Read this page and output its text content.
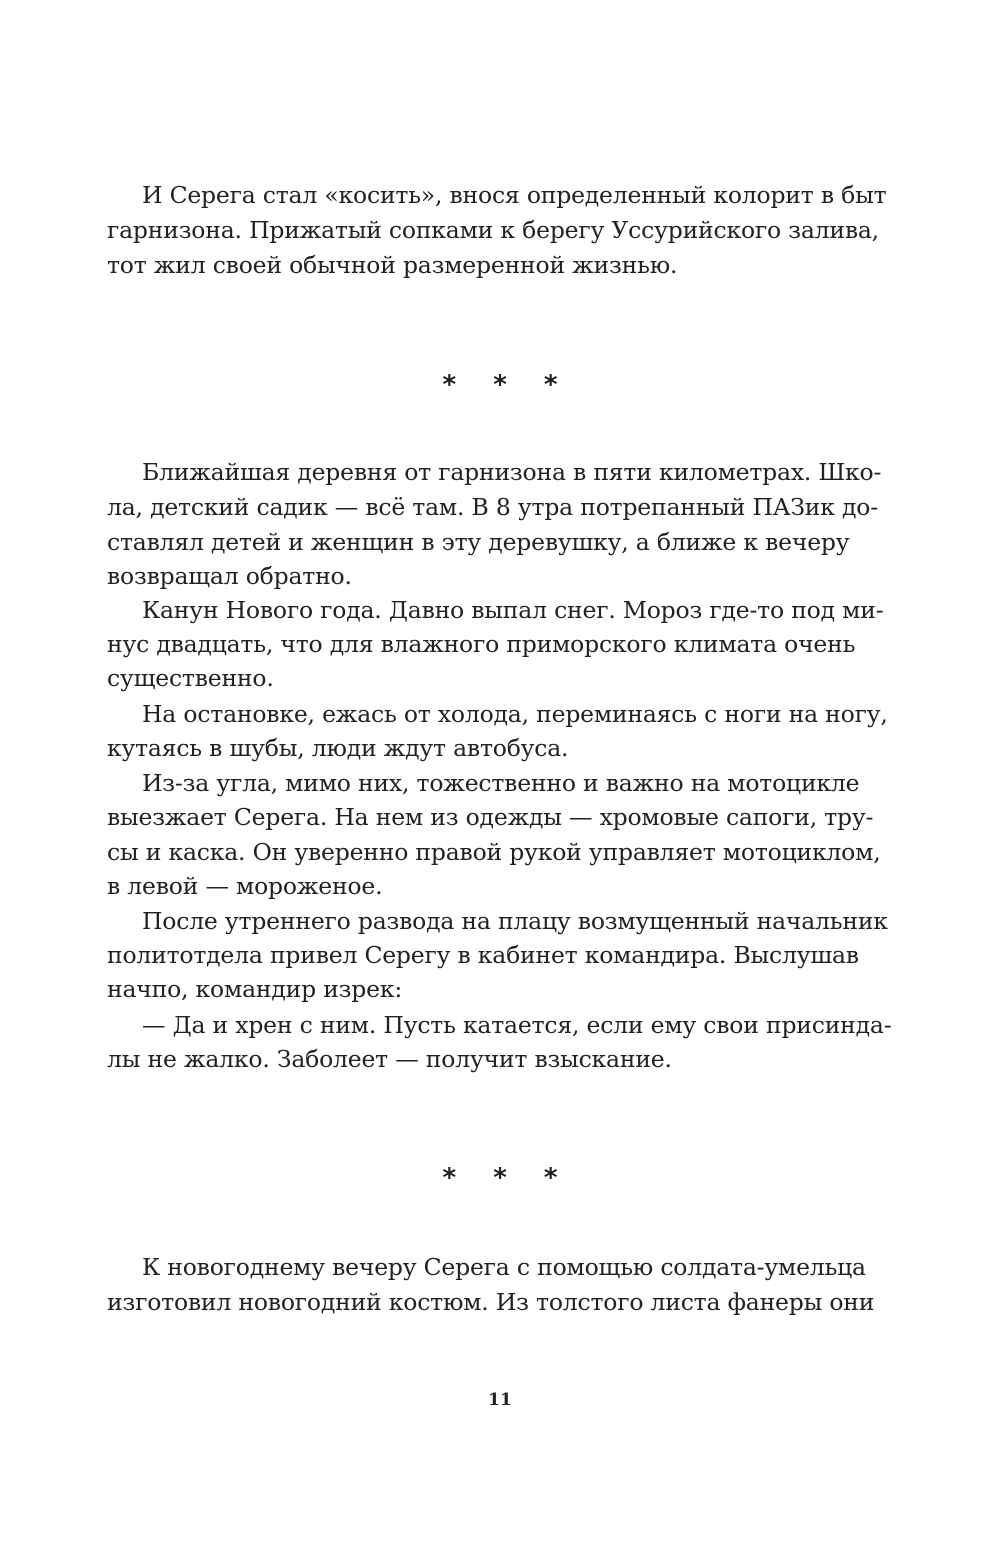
И Серега стал «косить», внося определенный колорит в быт
гарнизона. Прижатый сопками к берегу Уссурийского залива,
тот жил своей обычной размеренной жизнью.
* * *
Ближайшая деревня от гарнизона в пяти километрах. Шко-
ла, детский садик — всё там. В 8 утра потрепанный ПАЗик до-
ставлял детей и женщин в эту деревушку, а ближе к вечеру
возвращал обратно.
Канун Нового года. Давно выпал снег. Мороз где-то под ми-
нус двадцать, что для влажного приморского климата очень
существенно.
На остановке, ежась от холода, переминаясь с ноги на ногу,
кутаясь в шубы, люди ждут автобуса.
Из-за угла, мимо них, тожественно и важно на мотоцикле
выезжает Серега. На нем из одежды — хромовые сапоги, тру-
сы и каска. Он уверенно правой рукой управляет мотоциклом,
в левой — мороженое.
После утреннего развода на плацу возмущенный начальник
политотдела привел Серегу в кабинет командира. Выслушав
начпо, командир изрек:
— Да и хрен с ним. Пусть катается, если ему свои приcинда-
лы не жалко. Заболеет — получит взыскание.
* * *
К новогоднему вечеру Серега с помощью солдата-умельца
изготовил новогодний костюм. Из толстого листа фанеры они
11
